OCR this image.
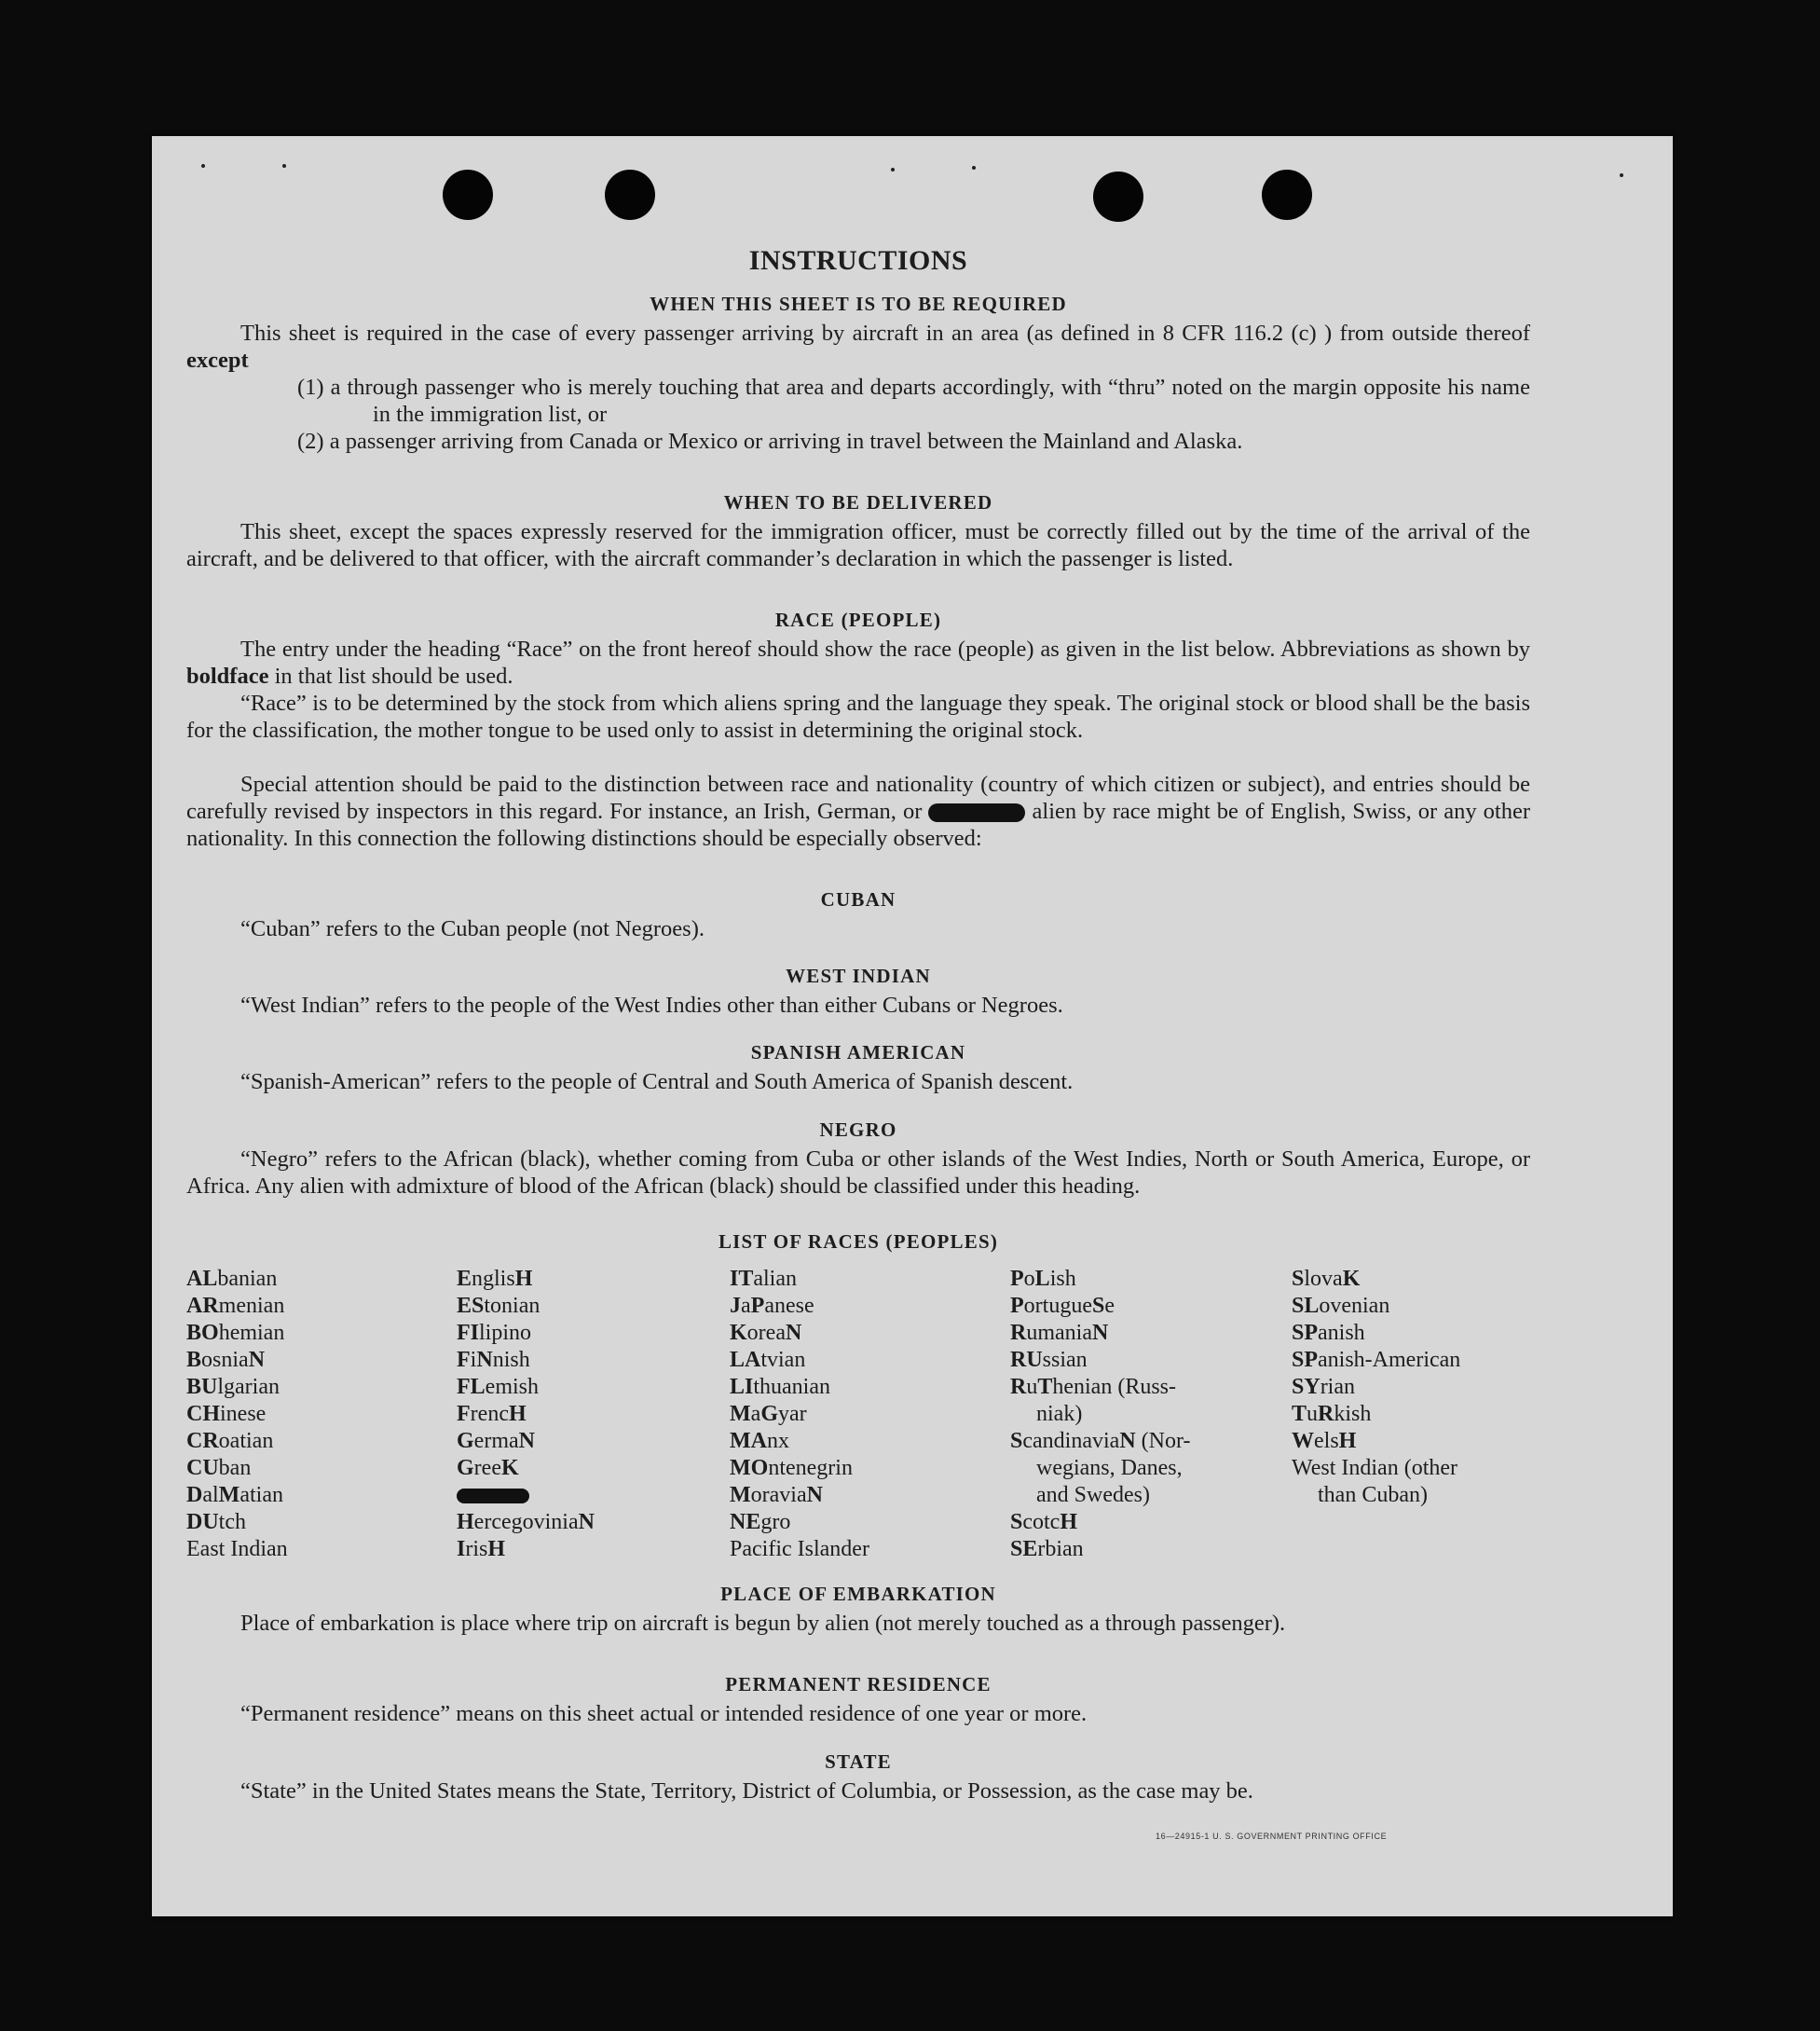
INSTRUCTIONS
WHEN THIS SHEET IS TO BE REQUIRED

This sheet is required in the case of every passenger arriving by aircraft in an area (as defined in 8 CFR 116.2 (c) ) from outside thereof except

(1) a through passenger who is merely touching that area and departs accordingly, with “thru” noted on the margin opposite his name in the immigration list, or

(2) a passenger arriving from Canada or Mexico or arriving in travel between the Mainland and Alaska.

WHEN TO BE DELIVERED

This sheet, except the spaces expressly reserved for the immigration officer, must be correctly filled out by the time of the arrival of the aircraft, and be delivered to that officer, with the aircraft commander’s declaration in which the passenger is listed.

RACE (PEOPLE)

The entry under the heading “Race” on the front hereof should show the race (people) as given in the list below. Abbreviations as shown by boldface in that list should be used.

“Race” is to be determined by the stock from which aliens spring and the language they speak. The original stock or blood shall be the basis for the classification, the mother tongue to be used only to assist in determining the original stock.

Special attention should be paid to the distinction between race and nationality (country of which citizen or subject), and entries should be carefully revised by inspectors in this regard. For instance, an Irish, German, or	alien by race might be of English, Swiss, or any other nationality. In this connection the following distinctions should be especially observed:

CUBAN

“Cuban” refers to the Cuban people (not Negroes).

WEST INDIAN

“West Indian” refers to the people of the West Indies other than either Cubans or Negroes.

SPANISH AMERICAN

“Spanish-American” refers to the people of Central and South America of Spanish descent.

NEGRO

“Negro” refers to the African (black), whether coming from Cuba or other islands of the West Indies, North or South America, Europe, or Africa. Any alien with admixture of blood of the African (black) should be classified under this heading.

LIST OF RACES (PEOPLES)
ALbanian
ARmenian
BOhemian
BosniaN
BUlgarian
CHinese
CRoatian
CUban
DalMatian
DUtch
East Indian
EnglisH
EStonian
FIlipino
FiNnish
FLemish
FrencH
GermaN
GreeK
HercegoviniaN
IrisH
ITalian
JaPanese
KoreaN
LAtvian
LIthuanian
MaGyar
MAnx
MOntenegrin
MoraviaN
NEgro
Pacific Islander
PoLish
PortugueSe
RumaniaN
RUssian
RuThenian (Russ-
niak)
ScandinaviaN (Nor-
wegians, Danes,
and Swedes)
ScotcH
SErbian
SlovaK
SLovenian
SPanish
SPanish-American
SYrian
TuRkish
WelsH
West Indian (other
than Cuban)
PLACE OF EMBARKATION

Place of embarkation is place where trip on aircraft is begun by alien (not merely touched as a through passenger).

PERMANENT RESIDENCE

“Permanent residence” means on this sheet actual or intended residence of one year or more.

STATE

“State” in the United States means the State, Territory, District of Columbia, or Possession, as the case may be.

16—24915-1 U. S. GOVERNMENT PRINTING OFFICE
